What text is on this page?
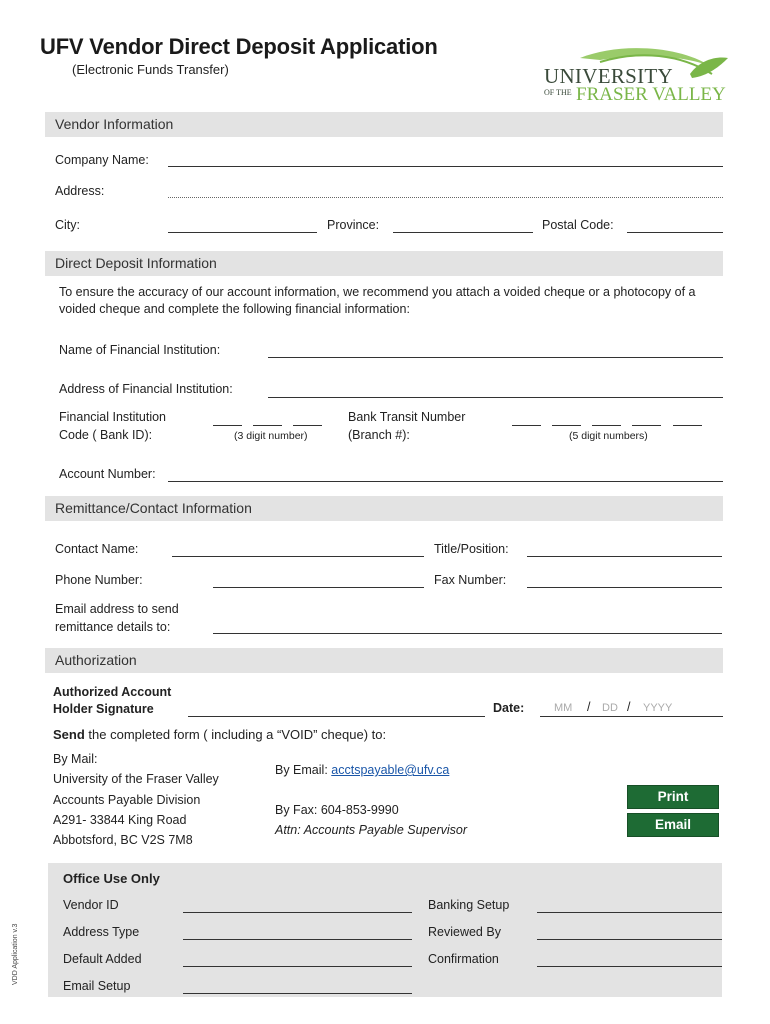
UFV Vendor Direct Deposit Application
(Electronic Funds Transfer)	UNIVERSITY
OF THE FRASER VALLEY
Vendor Information
Company Name:
Address:
City:	Province:	Postal Code:
Direct Deposit Information
To ensure the accuracy of our account information, we recommend you attach a voided cheque or a photocopy of a
voided cheque and complete the following financial information:
Name of Financial Institution:
Address of Financial Institution:
Financial Institution
Code ( Bank ID):	(3 digit number)
Bank Transit Number
(Branch #):	(5 digit numbers)
Account Number:
Remittance/Contact Information
Contact Name:	Title/Position:
Phone Number:	Fax Number:
Email address to send
remittance details to:
Authorization
Authorized Account
Holder Signature	Date:	MM / DD / YYYY
Send the completed form ( including a “VOID” cheque) to:
By Mail:
University of the Fraser Valley
Accounts Payable Division
A291- 33844 King Road
Abbotsford, BC V2S 7M8
By Email: acctspayable@ufv.ca
By Fax: 604-853-9990
Attn: Accounts Payable Supervisor
Print
Email
Office Use Only
Vendor ID	Banking Setup
Address Type	Reviewed By
Default Added	Confirmation
Email Setup
VDD Application v.3
